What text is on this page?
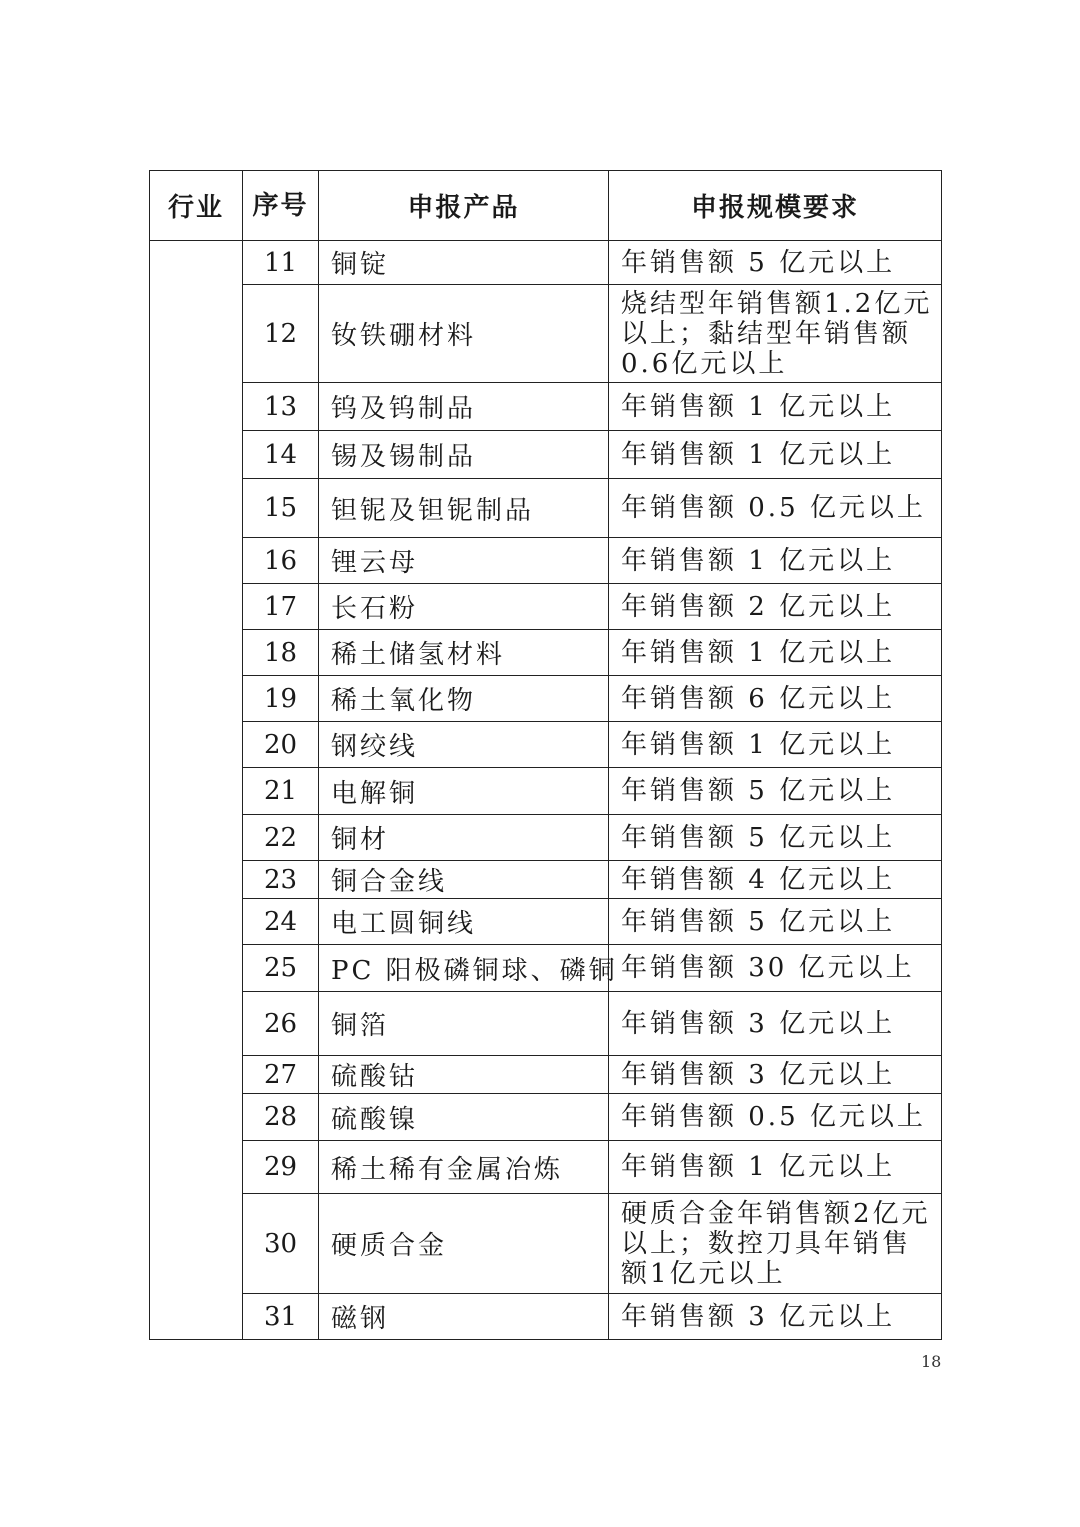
行业	序号	申报产品	申报规模要求
	11	铜锭	年销售额 5 亿元以上
	12	钕铁硼材料	烧结型年销售额1.2亿元以上；黏结型年销售额0.6亿元以上
	13	钨及钨制品	年销售额 1 亿元以上
	14	锡及锡制品	年销售额 1 亿元以上
	15	钽铌及钽铌制品	年销售额 0.5 亿元以上
	16	锂云母	年销售额 1 亿元以上
	17	长石粉	年销售额 2 亿元以上
	18	稀土储氢材料	年销售额 1 亿元以上
	19	稀土氧化物	年销售额 6 亿元以上
	20	钢绞线	年销售额 1 亿元以上
	21	电解铜	年销售额 5 亿元以上
	22	铜材	年销售额 5 亿元以上
	23	铜合金线	年销售额 4 亿元以上
	24	电工圆铜线	年销售额 5 亿元以上
	25	PC 阳极磷铜球、磷铜	年销售额 30 亿元以上
	26	铜箔	年销售额 3 亿元以上
	27	硫酸钴	年销售额 3 亿元以上
	28	硫酸镍	年销售额 0.5 亿元以上
	29	稀土稀有金属冶炼	年销售额 1 亿元以上
	30	硬质合金	硬质合金年销售额2亿元以上；数控刀具年销售额1亿元以上
	31	磁钢	年销售额 3 亿元以上
18
